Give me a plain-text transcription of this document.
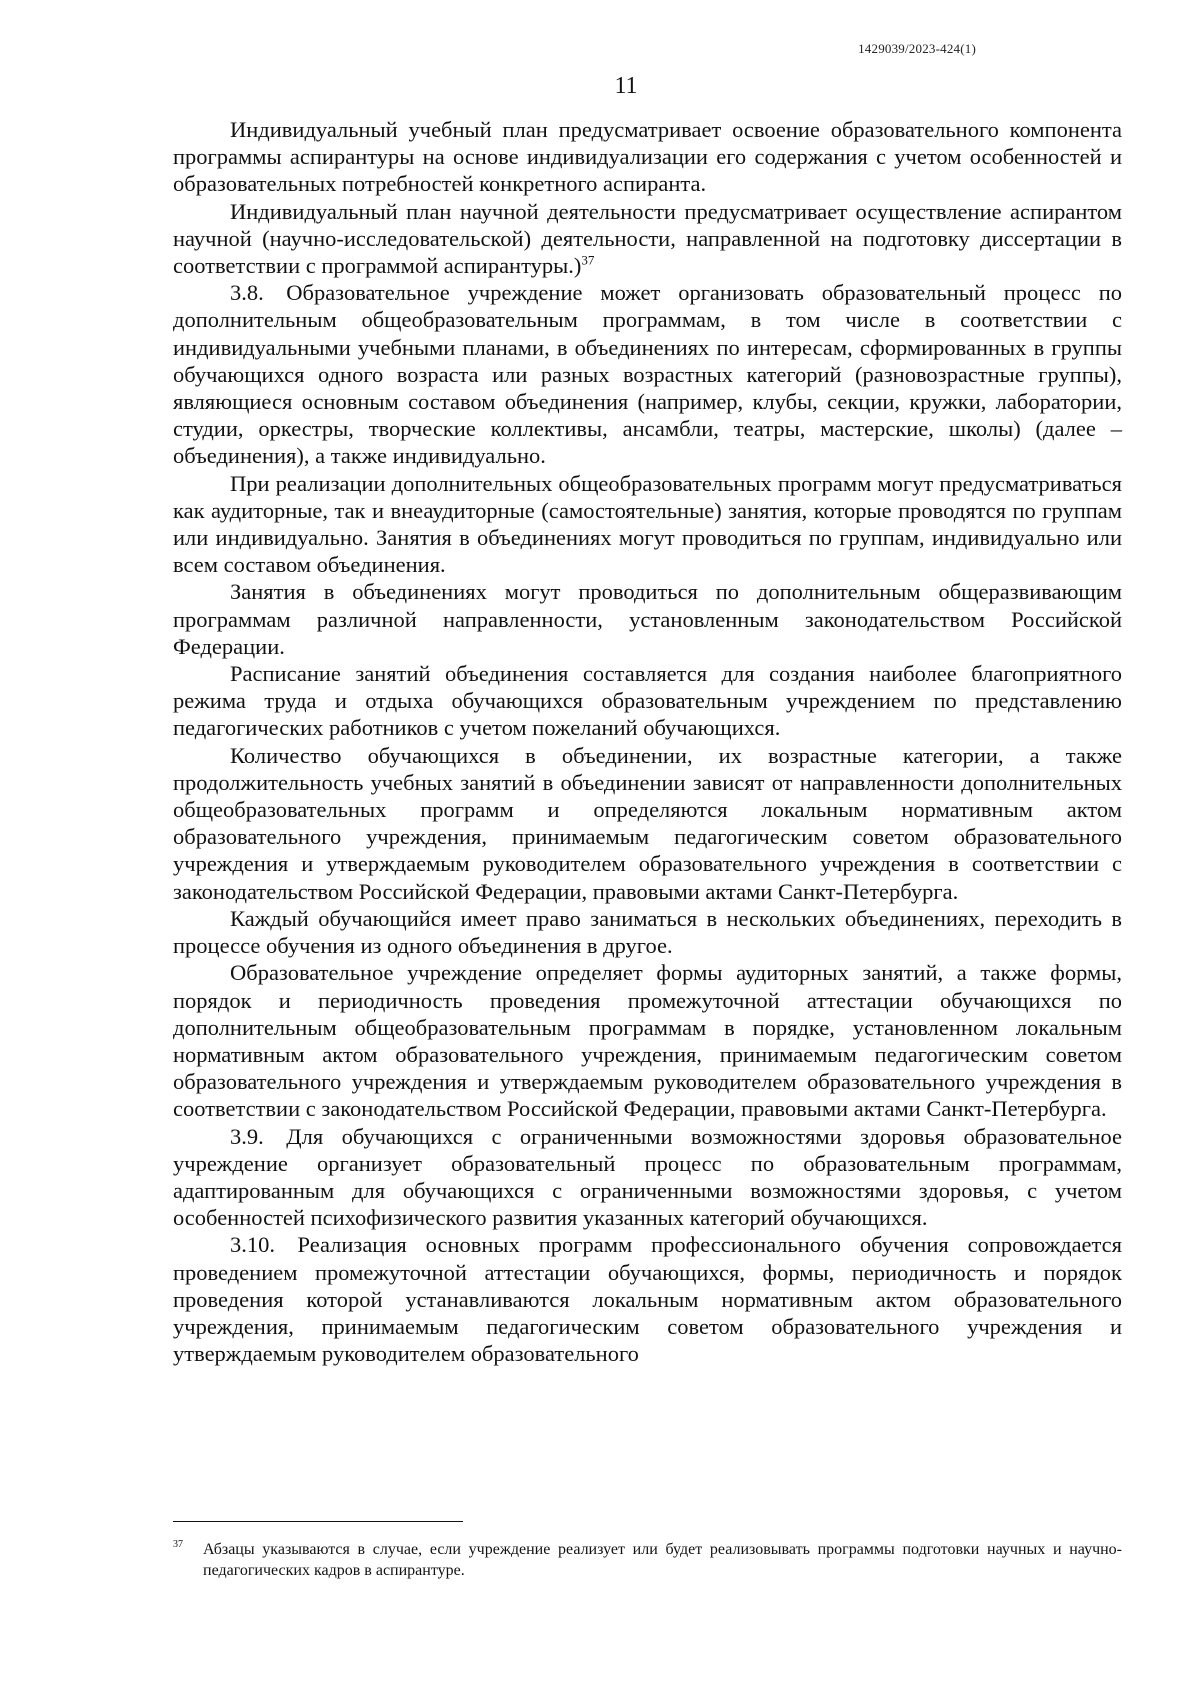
1429039/2023-424(1)
11

Индивидуальный учебный план предусматривает освоение образовательного компонента программы аспирантуры на основе индивидуализации его содержания с учетом особенностей и образовательных потребностей конкретного аспиранта.

Индивидуальный план научной деятельности предусматривает осуществление аспирантом научной (научно-исследовательской) деятельности, направленной на подготовку диссертации в соответствии с программой аспирантуры.)$^{37}$

3.8. Образовательное учреждение может организовать образовательный процесс по дополнительным общеобразовательным программам, в том числе в соответствии с индивидуальными учебными планами, в объединениях по интересам, сформированных в группы обучающихся одного возраста или разных возрастных категорий (разновозрастные группы), являющиеся основным составом объединения (например, клубы, секции, кружки, лаборатории, студии, оркестры, творческие коллективы, ансамбли, театры, мастерские, школы) (далее – объединения), а также индивидуально.

При реализации дополнительных общеобразовательных программ могут предусматриваться как аудиторные, так и внеаудиторные (самостоятельные) занятия, которые проводятся по группам или индивидуально. Занятия в объединениях могут проводиться по группам, индивидуально или всем составом объединения.

Занятия в объединениях могут проводиться по дополнительным общеразвивающим программам различной направленности, установленным законодательством Российской Федерации.

Расписание занятий объединения составляется для создания наиболее благоприятного режима труда и отдыха обучающихся образовательным учреждением по представлению педагогических работников с учетом пожеланий обучающихся.

Количество обучающихся в объединении, их возрастные категории, а также продолжительность учебных занятий в объединении зависят от направленности дополнительных общеобразовательных программ и определяются локальным нормативным актом образовательного учреждения, принимаемым педагогическим советом образовательного учреждения и утверждаемым руководителем образовательного учреждения в соответствии с законодательством Российской Федерации, правовыми актами Санкт-Петербурга.

Каждый обучающийся имеет право заниматься в нескольких объединениях, переходить в процессе обучения из одного объединения в другое.

Образовательное учреждение определяет формы аудиторных занятий, а также формы, порядок и периодичность проведения промежуточной аттестации обучающихся по дополнительным общеобразовательным программам в порядке, установленном локальным нормативным актом образовательного учреждения, принимаемым педагогическим советом образовательного учреждения и утверждаемым руководителем образовательного учреждения в соответствии с законодательством Российской Федерации, правовыми актами Санкт-Петербурга.

3.9. Для обучающихся с ограниченными возможностями здоровья образовательное учреждение организует образовательный процесс по образовательным программам, адаптированным для обучающихся с ограниченными возможностями здоровья, с учетом особенностей психофизического развития указанных категорий обучающихся.

3.10. Реализация основных программ профессионального обучения сопровождается проведением промежуточной аттестации обучающихся, формы, периодичность и порядок проведения которой устанавливаются локальным нормативным актом образовательного учреждения, принимаемым педагогическим советом образовательного учреждения и утверждаемым руководителем образовательного

37	Абзацы указываются в случае, если учреждение реализует или будет реализовывать программы подготовки научных и научно-педагогических кадров в аспирантуре.
